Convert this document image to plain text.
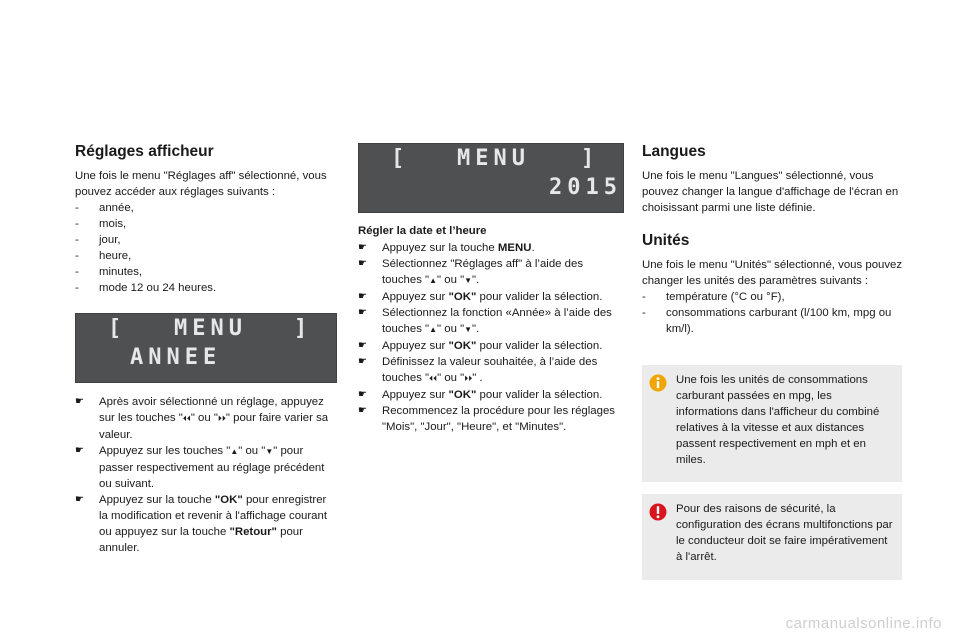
Réglages afficheur

Une fois le menu "Réglages aff" sélectionné, vous pouvez accéder aux réglages suivants :

- année,
- mois,
- jour,
- heure,
- minutes,
- mode 12 ou 24 heures.
[ MENU ]
ANNEE
☛ Après avoir sélectionné un réglage, appuyez sur les touches "⏴⏴" ou "⏵⏵" pour faire varier sa valeur.
☛ Appuyez sur les touches "▲" ou "▼" pour passer respectivement au réglage précédent ou suivant.
☛ Appuyez sur la touche "OK" pour enregistrer la modification et revenir à l'affichage courant ou appuyez sur la touche "Retour" pour annuler.
[ MENU ]
2015

Régler la date et l’heure

☛ Appuyez sur la touche MENU.
☛ Sélectionnez "Réglages aff" à l’aide des touches "▲" ou "▼".
☛ Appuyez sur "OK" pour valider la sélection.
☛ Sélectionnez la fonction «Année» à l’aide des touches "▲" ou "▼".
☛ Appuyez sur "OK" pour valider la sélection.
☛ Définissez la valeur souhaitée, à l’aide des touches "⏴⏴" ou "⏵⏵" .
☛ Appuyez sur "OK" pour valider la sélection.
☛ Recommencez la procédure pour les réglages "Mois", "Jour", "Heure", et "Minutes".
Langues

Une fois le menu "Langues" sélectionné, vous pouvez changer la langue d'affichage de l'écran en choisissant parmi une liste définie.

Unités

Une fois le menu "Unités" sélectionné, vous pouvez changer les unités des paramètres suivants :

- température (°C ou °F),
- consommations carburant (l/100 km, mpg ou km/l).
Une fois les unités de consommations carburant passées en mpg, les informations dans l'afficheur du combiné relatives à la vitesse et aux distances passent respectivement en mph et en miles.
Pour des raisons de sécurité, la configuration des écrans multifonctions par le conducteur doit se faire impérativement à l'arrêt.
carmanualsonline.info
